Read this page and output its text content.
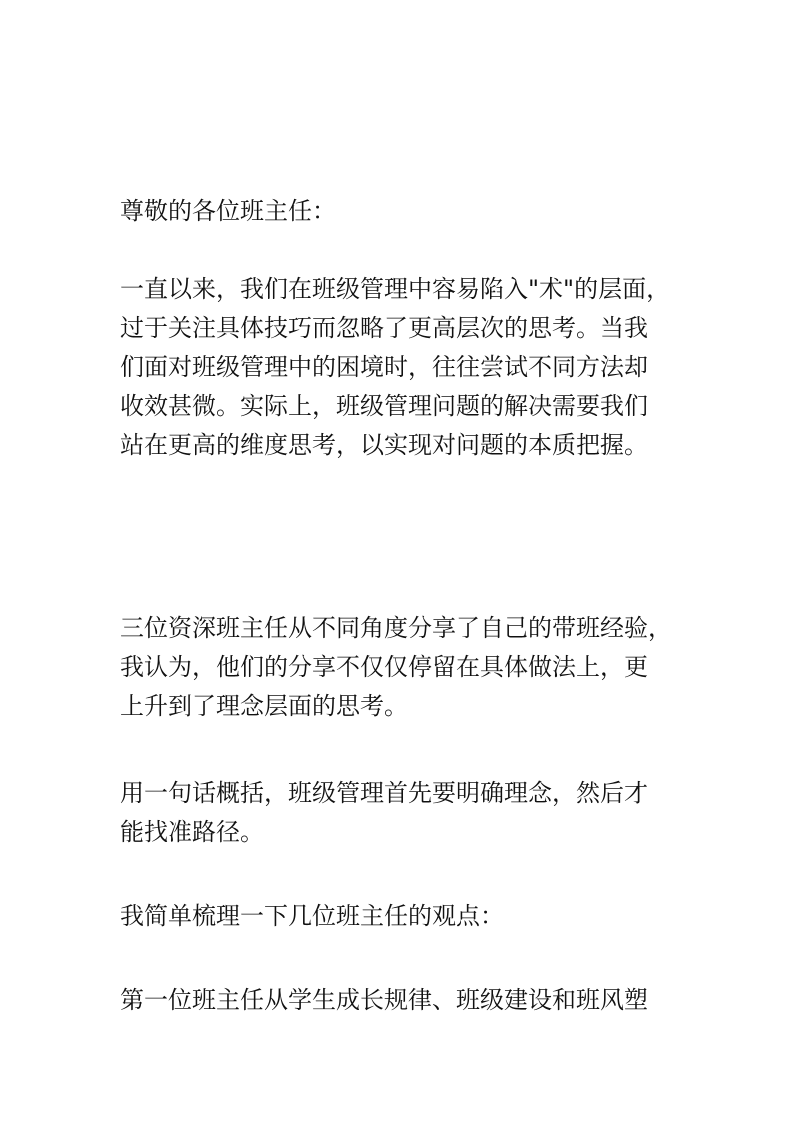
尊敬的各位班主任：

一直以来，我们在班级管理中容易陷入"术"的层面，
过于关注具体技巧而忽略了更高层次的思考。当我
们面对班级管理中的困境时，往往尝试不同方法却
收效甚微。实际上，班级管理问题的解决需要我们
站在更高的维度思考，以实现对问题的本质把握。

三位资深班主任从不同角度分享了自己的带班经验，
我认为，他们的分享不仅仅停留在具体做法上，更
上升到了理念层面的思考。

用一句话概括，班级管理首先要明确理念，然后才
能找准路径。

我简单梳理一下几位班主任的观点：

第一位班主任从学生成长规律、班级建设和班风塑
